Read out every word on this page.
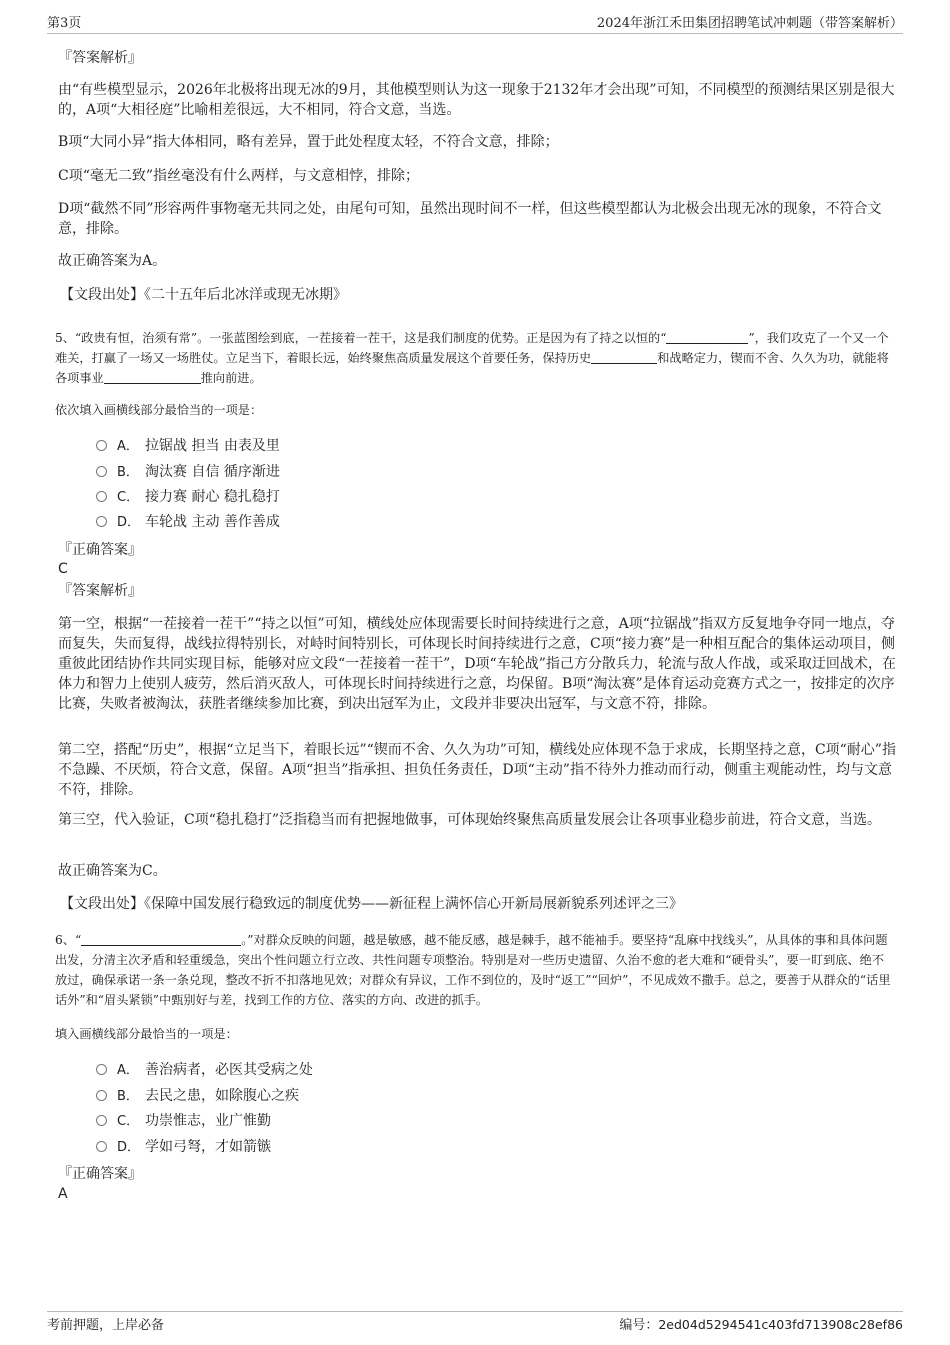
第3页	2024年浙江禾田集团招聘笔试冲刺题（带答案解析）
『答案解析』
由“有些模型显示，2026年北极将出现无冰的9月，其他模型则认为这一现象于2132年才会出现”可知，不同模型的预测结果区别是很大的，A项“大相径庭”比喻相差很远，大不相同，符合文意，当选。
B项“大同小异”指大体相同，略有差异，置于此处程度太轻，不符合文意，排除；
C项“毫无二致”指丝毫没有什么两样，与文意相悖，排除；
D项“截然不同”形容两件事物毫无共同之处，由尾句可知，虽然出现时间不一样，但这些模型都认为北极会出现无冰的现象，不符合文意，排除。
故正确答案为A。
【文段出处】《二十五年后北冰洋或现无冰期》
5、“政贵有恒，治须有常”。一张蓝图绘到底，一茬接着一茬干，这是我们制度的优势。正是因为有了持之以恒的“	”，我们攻克了一个又一个难关，打赢了一场又一场胜仗。立足当下，着眼长远，始终聚焦高质量发展这个首要任务，保持历史	和战略定力，锲而不舍、久久为功，就能将各项事业	推向前进。
依次填入画横线部分最恰当的一项是：
A． 拉锯战 担当 由表及里
B． 淘汰赛 自信 循序渐进
C． 接力赛 耐心 稳扎稳打
D． 车轮战 主动 善作善成
『正确答案』
C
『答案解析』
第一空，根据“一茬接着一茬干”“持之以恒”可知，横线处应体现需要长时间持续进行之意，A项“拉锯战”指双方反复地争夺同一地点，夺而复失，失而复得，战线拉得特别长，对峙时间特别长，可体现长时间持续进行之意，C项“接力赛”是一种相互配合的集体运动项目，侧重彼此团结协作共同实现目标，能够对应文段“一茬接着一茬干”，D项“车轮战”指己方分散兵力，轮流与敌人作战，或采取迂回战术，在体力和智力上使别人疲劳，然后消灭敌人，可体现长时间持续进行之意，均保留。B项“淘汰赛”是体育运动竞赛方式之一，按排定的次序比赛，失败者被淘汰，获胜者继续参加比赛，到决出冠军为止，文段并非要决出冠军，与文意不符，排除。
第二空，搭配“历史”，根据“立足当下，着眼长远”“锲而不舍、久久为功”可知，横线处应体现不急于求成，长期坚持之意，C项“耐心”指不急躁、不厌烦，符合文意，保留。A项“担当”指承担、担负任务责任，D项“主动”指不待外力推动而行动，侧重主观能动性，均与文意不符，排除。
第三空，代入验证，C项“稳扎稳打”泛指稳当而有把握地做事，可体现始终聚焦高质量发展会让各项事业稳步前进，符合文意，当选。
故正确答案为C。
【文段出处】《保障中国发展行稳致远的制度优势——新征程上满怀信心开新局展新貌系列述评之三》
6、“	。”对群众反映的问题，越是敏感，越不能反感，越是棘手，越不能袖手。要坚持“乱麻中找线头”，从具体的事和具体问题出发，分清主次矛盾和轻重缓急，突出个性问题立行立改、共性问题专项整治。特别是对一些历史遗留、久治不愈的老大难和“硬骨头”，要一盯到底、绝不放过，确保承诺一条一条兑现，整改不折不扣落地见效；对群众有异议，工作不到位的，及时“返工”“回炉”，不见成效不撒手。总之，要善于从群众的“话里话外”和“眉头紧锁”中甄别好与差，找到工作的方位、落实的方向、改进的抓手。
填入画横线部分最恰当的一项是：
A． 善治病者，必医其受病之处
B． 去民之患，如除腹心之疾
C． 功崇惟志，业广惟勤
D． 学如弓弩，才如箭镞
『正确答案』
A
考前押题，上岸必备	编号：2ed04d5294541c403fd713908c28ef86
